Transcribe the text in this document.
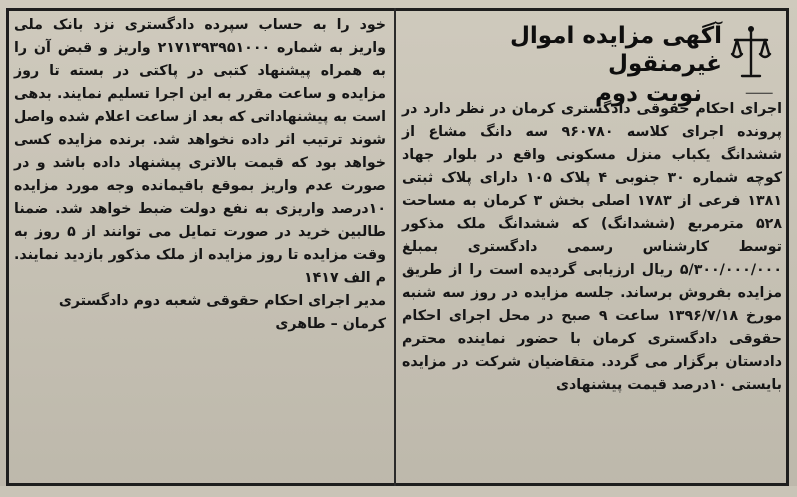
⸻
آگهی مزایده اموال غیرمنقول
نوبت دوم

اجرای احکام حقوقی دادگستری کرمان در نظر دارد در پرونده اجرای کلاسه ۹۶۰۷۸۰ سه دانگ مشاع از ششدانگ یکباب منزل مسکونی واقع در بلوار جهاد کوچه شماره ۳۰ جنوبی ۴ پلاک ۱۰۵ دارای پلاک ثبتی ۱۳۸۱ فرعی از ۱۷۸۳ اصلی بخش ۳ کرمان به مساحت ۵۲۸ مترمربع (ششدانگ) که ششدانگ ملک مذکور توسط کارشناس رسمی دادگستری بمبلغ ۵/۳۰۰/۰۰۰/۰۰۰ ریال ارزیابی گردیده است را از طریق مزایده بفروش برساند. جلسه مزایده در روز سه شنبه مورخ ۱۳۹۶/۷/۱۸ ساعت ۹ صبح در محل اجرای احکام حقوقی دادگستری کرمان با حضور نماینده محترم دادستان برگزار می گردد. متقاضیان شرکت در مزایده بایستی ۱۰درصد قیمت پیشنهادی

خود را به حساب سپرده دادگستری نزد بانک ملی واریز به شماره ۲۱۷۱۳۹۳۹۵۱۰۰۰ واریز و قبض آن را به همراه پیشنهاد کتبی در پاکتی در بسته تا روز مزایده و ساعت مقرر به این اجرا تسلیم نمایند. بدهی است به پیشنهاداتی که بعد از ساعت اعلام شده واصل شوند ترتیب اثر داده نخواهد شد. برنده مزایده کسی خواهد بود که قیمت بالاتری پیشنهاد داده باشد و در صورت عدم واریز بموقع باقیمانده وجه مورد مزایده ۱۰درصد واریزی به نفع دولت ضبط خواهد شد. ضمنا طالبین خرید در صورت تمایل می توانند از ۵ روز به وقت مزایده تا روز مزایده از ملک مذکور بازدید نمایند. م الف ۱۴۱۷

مدیر اجرای احکام حقوقی شعبه دوم دادگستری

کرمان – طاهری
